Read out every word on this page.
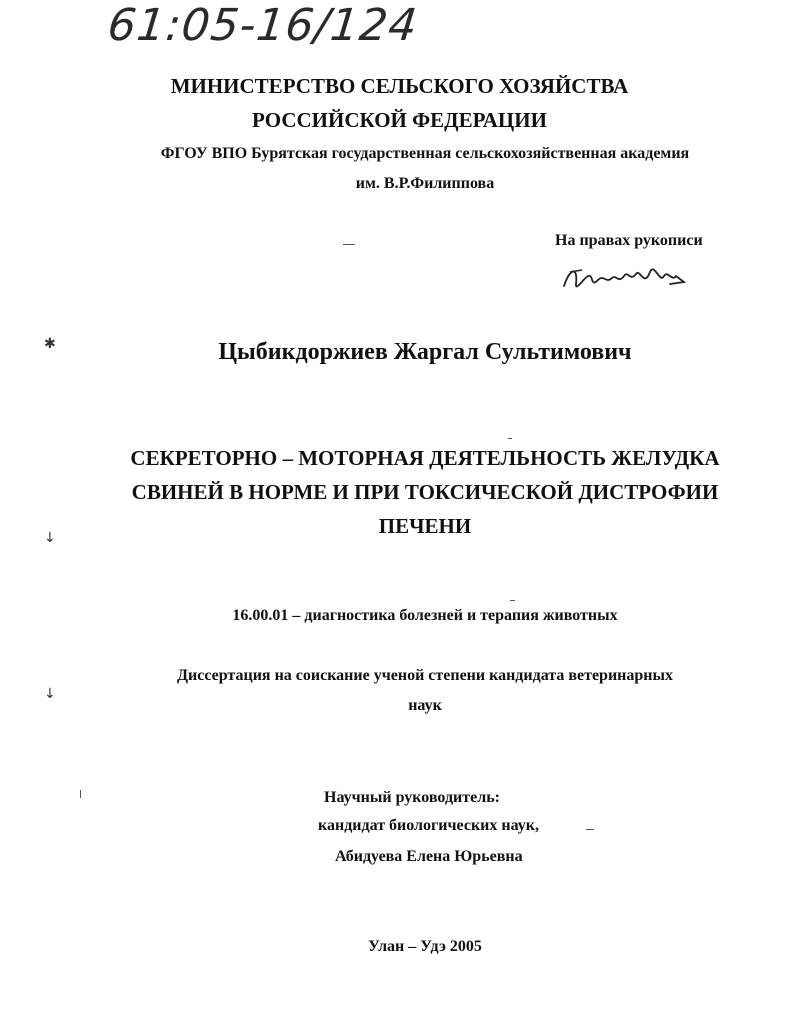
61:05-16/124
МИНИСТЕРСТВО СЕЛЬСКОГО ХОЗЯЙСТВА
РОССИЙСКОЙ ФЕДЕРАЦИИ
ФГОУ ВПО Бурятская государственная сельскохозяйственная академия
им. В.Р.Филиппова
На правах рукописи
Цыбикдоржиев Жаргал Сультимович
СЕКРЕТОРНО – МОТОРНАЯ ДЕЯТЕЛЬНОСТЬ ЖЕЛУДКА
СВИНЕЙ В НОРМЕ И ПРИ ТОКСИЧЕСКОЙ ДИСТРОФИИ
ПЕЧЕНИ
16.00.01 – диагностика болезней и терапия животных
Диссертация на соискание ученой степени кандидата ветеринарных
наук
Научный руководитель:
кандидат биологических наук,
Абидуева Елена Юрьевна
Улан – Удэ 2005
✱
↓
↓
